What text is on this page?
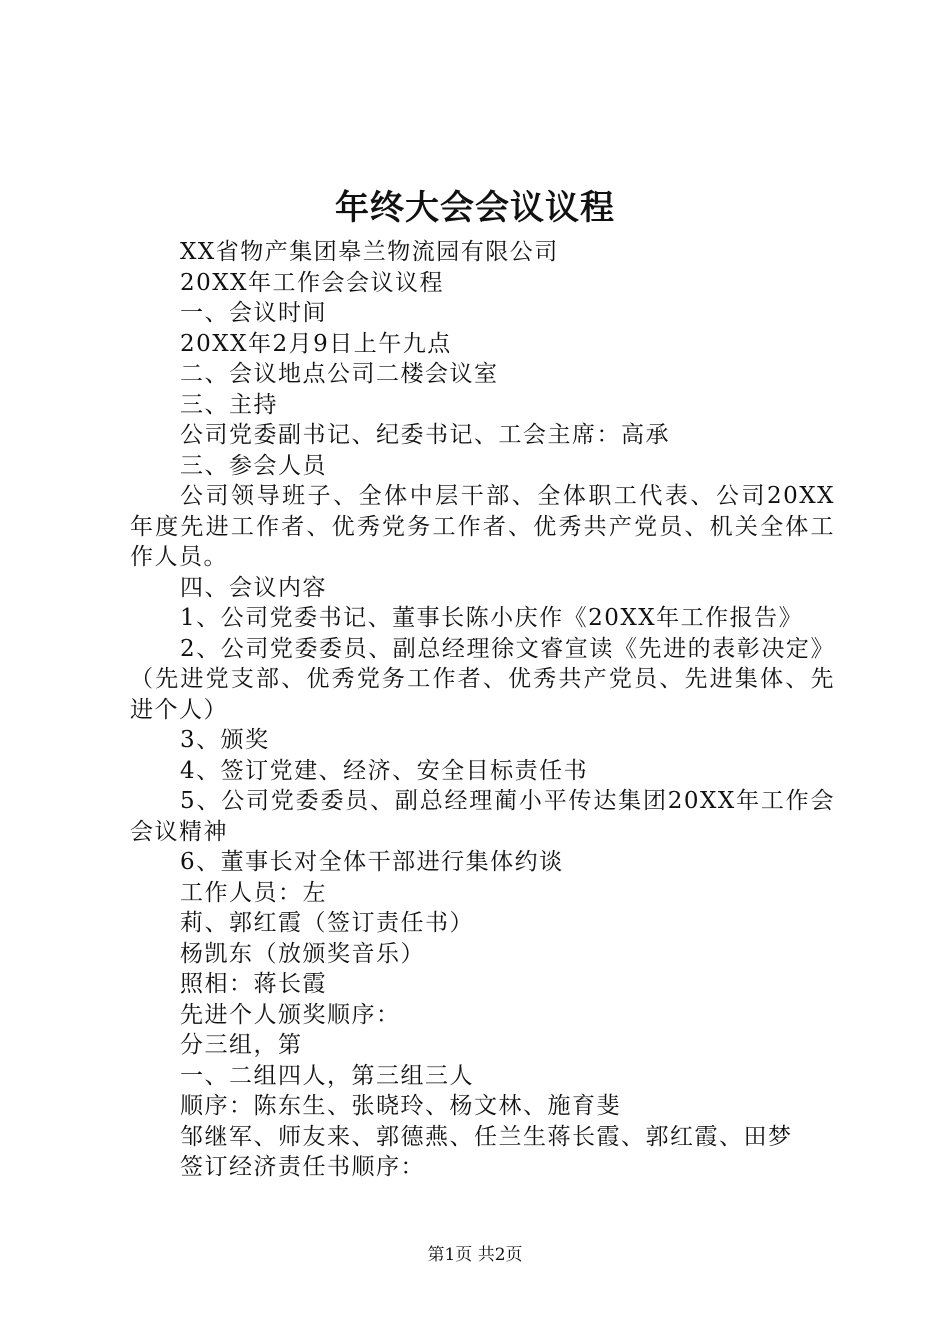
年终大会会议议程

XX省物产集团皋兰物流园有限公司

20XX年工作会会议议程

一、会议时间

20XX年2月9日上午九点

二、会议地点公司二楼会议室

三、主持

公司党委副书记、纪委书记、工会主席：高承

三、参会人员

公司领导班子、全体中层干部、全体职工代表、公司20XX年度先进工作者、优秀党务工作者、优秀共产党员、机关全体工作人员。

四、会议内容

1、公司党委书记、董事长陈小庆作《20XX年工作报告》

2、公司党委委员、副总经理徐文睿宣读《先进的表彰决定》（先进党支部、优秀党务工作者、优秀共产党员、先进集体、先进个人）

3、颁奖

4、签订党建、经济、安全目标责任书

5、公司党委委员、副总经理蔺小平传达集团20XX年工作会会议精神

6、董事长对全体干部进行集体约谈

工作人员：左

莉、郭红霞（签订责任书）

杨凯东（放颁奖音乐）

照相：蒋长霞

先进个人颁奖顺序：

分三组，第

一、二组四人，第三组三人

顺序：陈东生、张晓玲、杨文林、施育斐

邹继军、师友来、郭德燕、任兰生蒋长霞、郭红霞、田梦

签订经济责任书顺序：

第1页 共2页
